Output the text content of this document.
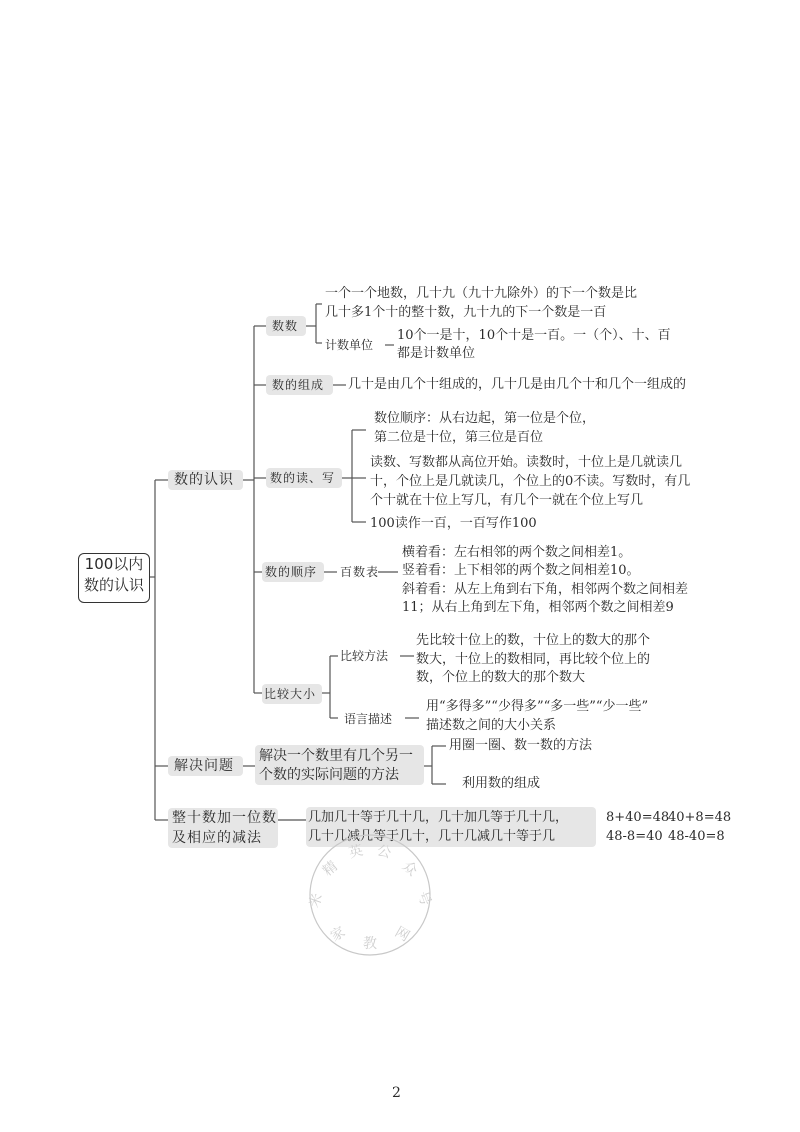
100以内
数的认识
数的认识
数数
一个一个地数，几十九（九十九除外）的下一个数是比
几十多1个十的整十数，九十九的下一个数是一百
计数单位
10个一是十，10个十是一百。一（个）、十、百
都是计数单位
数的组成 几十是由几个十组成的，几十几是由几个十和几个一组成的
数的读、写
数位顺序：从右边起，第一位是个位，
第二位是十位，第三位是百位
读数、写数都从高位开始。读数时，十位上是几就读几
十，个位上是几就读几，个位上的0不读。写数时，有几
个十就在十位上写几，有几个一就在个位上写几
100读作一百，一百写作100
数的顺序 百数表
横着看：左右相邻的两个数之间相差1。
竖着看：上下相邻的两个数之间相差10。
斜着看：从左上角到右下角，相邻两个数之间相差
11；从右上角到左下角，相邻两个数之间相差9
比较大小
比较方法
先比较十位上的数，十位上的数大的那个
数大，十位上的数相同，再比较个位上的
数，个位上的数大的那个数大
语言描述
用“多得多”“少得多”“多一些”“少一些”
描述数之间的大小关系
解决问题
解决一个数里有几个另一
个数的实际问题的方法
用圈一圈、数一数的方法
利用数的组成
整十数加一位数
及相应的减法
几加几十等于几十几，几十加几等于几十几，
几十几减几等于几十，几十几减几十等于几
8+40=48
40+8=48
48-8=40 48-40=8
精
英 公
众
号
米
家 教 网
2
